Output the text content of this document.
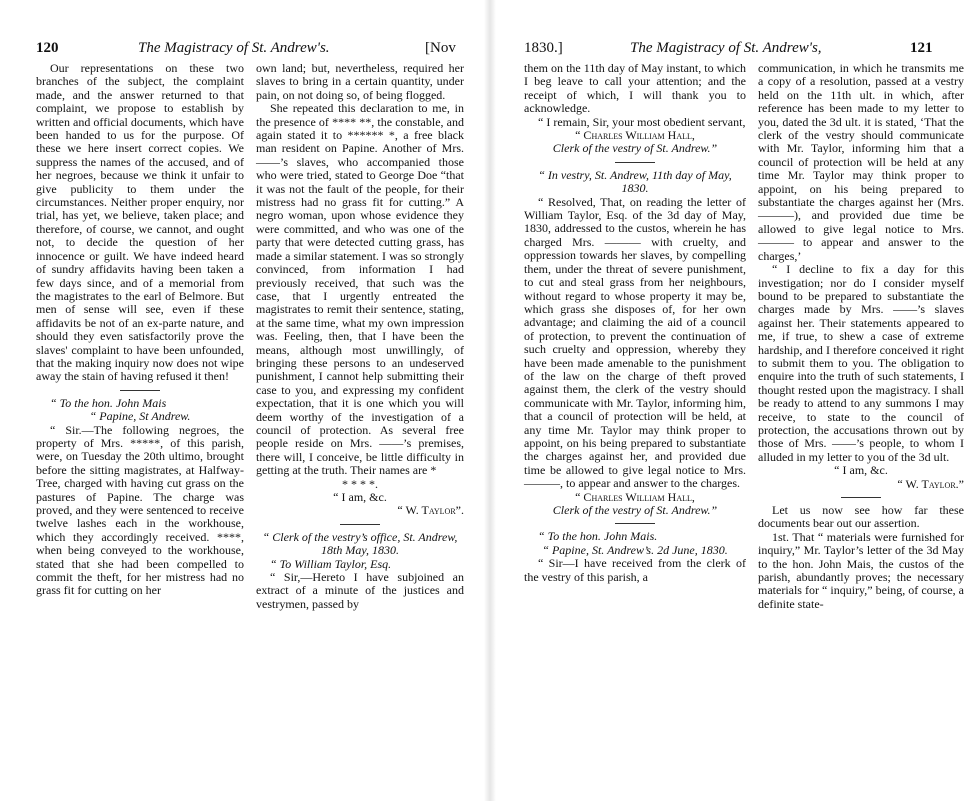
120	The Magistracy of St. Andrew's.	[Nov

Our representations on these two branches of the subject, the complaint made, and the answer returned to that complaint, we propose to establish by written and official documents, which have been handed to us for the purpose. Of these we here insert correct copies. We suppress the names of the accused, and of her negroes, because we think it unfair to give publicity to them under the circumstances. Neither proper enquiry, nor trial, has yet, we believe, taken place; and therefore, of course, we cannot, and ought not, to decide the question of her innocence or guilt. We have indeed heard of sundry affidavits having been taken a few days since, and of a memorial from the magistrates to the earl of Belmore. But men of sense will see, even if these affidavits be not of an ex-parte nature, and should they even satisfactorily prove the slaves' complaint to have been unfounded, that the making inquiry now does not wipe away the stain of having refused it then!

“ To the hon. John Mais

“ Papine, St Andrew.

“ Sir.—The following negroes, the property of Mrs. *****, of this parish, were, on Tuesday the 20th ultimo, brought before the sitting magistrates, at Halfway-Tree, charged with having cut grass on the pastures of Papine. The charge was proved, and they were sentenced to receive twelve lashes each in the workhouse, which they accordingly received. ****, when being conveyed to the workhouse, stated that she had been compelled to commit the theft, for her mistress had no grass fit for cutting on her

own land; but, nevertheless, required her slaves to bring in a certain quantity, under pain, on not doing so, of being flogged.

She repeated this declaration to me, in the presence of **** **, the constable, and again stated it to ****** *, a free black man resident on Papine. Another of Mrs. ——’s slaves, who accompanied those who were tried, stated to George Doe “that it was not the fault of the people, for their mistress had no grass fit for cutting.” A negro woman, upon whose evidence they were committed, and who was one of the party that were detected cutting grass, has made a similar statement. I was so strongly convinced, from information I had previously received, that such was the case, that I urgently entreated the magistrates to remit their sentence, stating, at the same time, what my own impression was. Feeling, then, that I have been the means, although most unwillingly, of bringing these persons to an undeserved punishment, I cannot help submitting their case to you, and expressing my confident expectation, that it is one which you will deem worthy of the investigation of a council of protection. As several free people reside on Mrs. ——’s premises, there will, I conceive, be little difficulty in getting at the truth. Their names are *

* * * *.

“ I am, &c.

“ W. Taylor”.

“ Clerk of the vestry’s office, St. Andrew, 18th May, 1830.

“ To William Taylor, Esq.

“ Sir,—Hereto I have subjoined an extract of a minute of the justices and vestrymen, passed by

1830.]	The Magistracy of St. Andrew's,	121

them on the 11th day of May instant, to which I beg leave to call your attention; and the receipt of which, I will thank you to acknowledge.

“ I remain, Sir, your most obedient servant,

“ Charles William Hall,

Clerk of the vestry of St. Andrew.”

“ In vestry, St. Andrew, 11th day of May, 1830.

“ Resolved, That, on reading the letter of William Taylor, Esq. of the 3d day of May, 1830, addressed to the custos, wherein he has charged Mrs. ——— with cruelty, and oppression towards her slaves, by compelling them, under the threat of severe punishment, to cut and steal grass from her neighbours, without regard to whose property it may be, which grass she disposes of, for her own advantage; and claiming the aid of a council of protection, to prevent the continuation of such cruelty and oppression, whereby they have been made amenable to the punishment of the law on the charge of theft proved against them, the clerk of the vestry should communicate with Mr. Taylor, informing him, that a council of protection will be held, at any time Mr. Taylor may think proper to appoint, on his being prepared to substantiate the charges against her, and provided due time be allowed to give legal notice to Mrs. ———, to appear and answer to the charges.

“ Charles William Hall,

Clerk of the vestry of St. Andrew.”

“ To the hon. John Mais.

“ Papine, St. Andrew’s. 2d June, 1830.

“ Sir—I have received from the clerk of the vestry of this parish, a

communication, in which he transmits me a copy of a resolution, passed at a vestry held on the 11th ult. in which, after reference has been made to my letter to you, dated the 3d ult. it is stated, ‘That the clerk of the vestry should communicate with Mr. Taylor, informing him that a council of protection will be held at any time Mr. Taylor may think proper to appoint, on his being prepared to substantiate the charges against her (Mrs. ———), and provided due time be allowed to give legal notice to Mrs. ——— to appear and answer to the charges,’

“ I decline to fix a day for this investigation; nor do I consider myself bound to be prepared to substantiate the charges made by Mrs. ——’s slaves against her. Their statements appeared to me, if true, to shew a case of extreme hardship, and I therefore conceived it right to submit them to you. The obligation to enquire into the truth of such statements, I thought rested upon the magistracy. I shall be ready to attend to any summons I may receive, to state to the council of protection, the accusations thrown out by those of Mrs. ——’s people, to whom I alluded in my letter to you of the 3d ult.

“ I am, &c.

“ W. Taylor.”

Let us now see how far these documents bear out our assertion.

1st. That “ materials were furnished for inquiry,” Mr. Taylor’s letter of the 3d May to the hon. John Mais, the custos of the parish, abundantly proves; the necessary materials for “ inquiry,” being, of course, a definite state-
